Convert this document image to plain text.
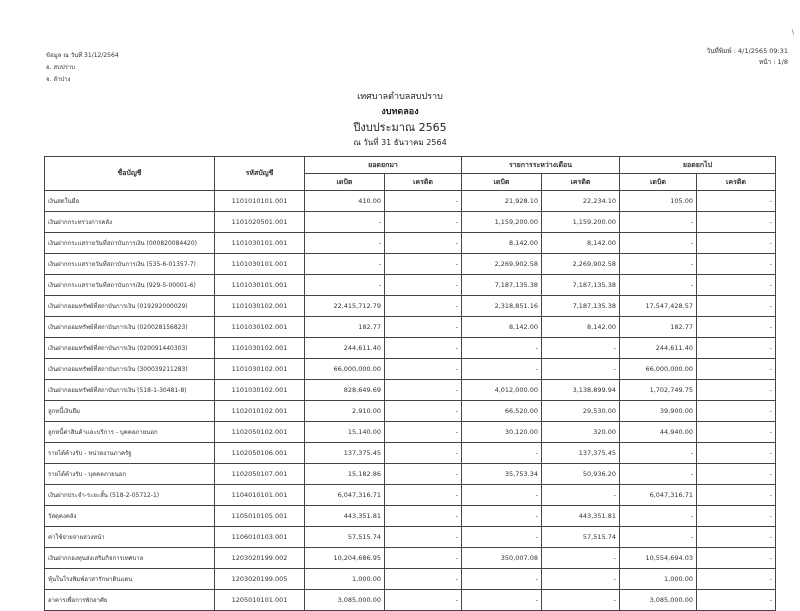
\
ข้อมูล ณ วันที่ 31/12/2564
อ. สบปราบ
จ. ลำปาง
วันที่พิมพ์ : 4/1/2565 09:31
หน้า : 1/8
เทศบาลตำบลสบปราบ
งบทดลอง
ปีงบประมาณ 2565
ณ วันที่ 31 ธันวาคม 2564
ชื่อบัญชี	รหัสบัญชี	ยอดยกมา		รายการระหว่างเดือน		ยอดยกไป	
		เดบิต	เครดิต	เดบิต	เครดิต	เดบิต	เครดิต
เงินสดในมือ	1101010101.001	410.00	-	21,928.10	22,234.10	105.00	-
เงินฝากกระทรวงการคลัง	1101020501.001	-	-	1,159,200.00	1,159,200.00	-	-
เงินฝากกระแสรายวันที่สถาบันการเงิน (000820084420)	1101030101.001	-	-	8,142.00	8,142.00	-	-
เงินฝากกระแสรายวันที่สถาบันการเงิน (535-6-01357-7)	1101030101.001	-	-	2,269,902.58	2,269,902.58	-	-
เงินฝากกระแสรายวันที่สถาบันการเงิน (929-5-00001-6)	1101030101.001	-	-	7,187,135.38	7,187,135.38	-	-
เงินฝากออมทรัพย์ที่สถาบันการเงิน (019292000029)	1101030102.001	22,415,712.79	-	2,318,851.16	7,187,135.38	17,547,428.57	-
เงินฝากออมทรัพย์ที่สถาบันการเงิน (020028156823)	1101030102.001	182.77	-	8,142.00	8,142.00	182.77	-
เงินฝากออมทรัพย์ที่สถาบันการเงิน (020091440303)	1101030102.001	244,611.40	-	-	-	244,611.40	-
เงินฝากออมทรัพย์ที่สถาบันการเงิน (300039211283)	1101030102.001	66,000,000.00	-	-	-	66,000,000.00	-
เงินฝากออมทรัพย์ที่สถาบันการเงิน (518-1-30481-8)	1101030102.001	828,649.69	-	4,012,000.00	3,138,899.94	1,702,749.75	-
ลูกหนี้เงินยืม	1102010102.001	2,910.00	-	66,520.00	29,530.00	39,900.00	-
ลูกหนี้ค่าสินค้าและบริการ - บุคคลภายนอก	1102050102.001	15,140.00	-	30,120.00	320.00	44,940.00	-
รายได้ค้างรับ - หน่วยงานภาครัฐ	1102050106.001	137,375.45	-	-	137,375.45	-	-
รายได้ค้างรับ - บุคคลภายนอก	1102050107.001	15,182.86	-	35,753.34	50,936.20	-	-
เงินฝากประจำ-ระยะสั้น (518-2-05712-1)	1104010101.001	6,047,316.71	-	-	-	6,047,316.71	-
วัสดุคงคลัง	1105010105.001	443,351.81	-	-	443,351.81	-	-
ค่าใช้จ่ายจ่ายล่วงหน้า	1106010103.001	57,515.74	-	-	57,515.74	-	-
เงินฝากกองทุนส่งเสริมกิจการเทศบาล	1203020199.002	10,204,686.95	-	350,007.08	-	10,554,694.03	-
หุ้นในโรงพิมพ์อาสารักษาดินแดน	1203020199.005	1,000.00	-	-	-	1,000.00	-
อาคารเพื่อการพักอาศัย	1205010101.001	3,085,000.00	-	-	-	3,085,000.00	-
